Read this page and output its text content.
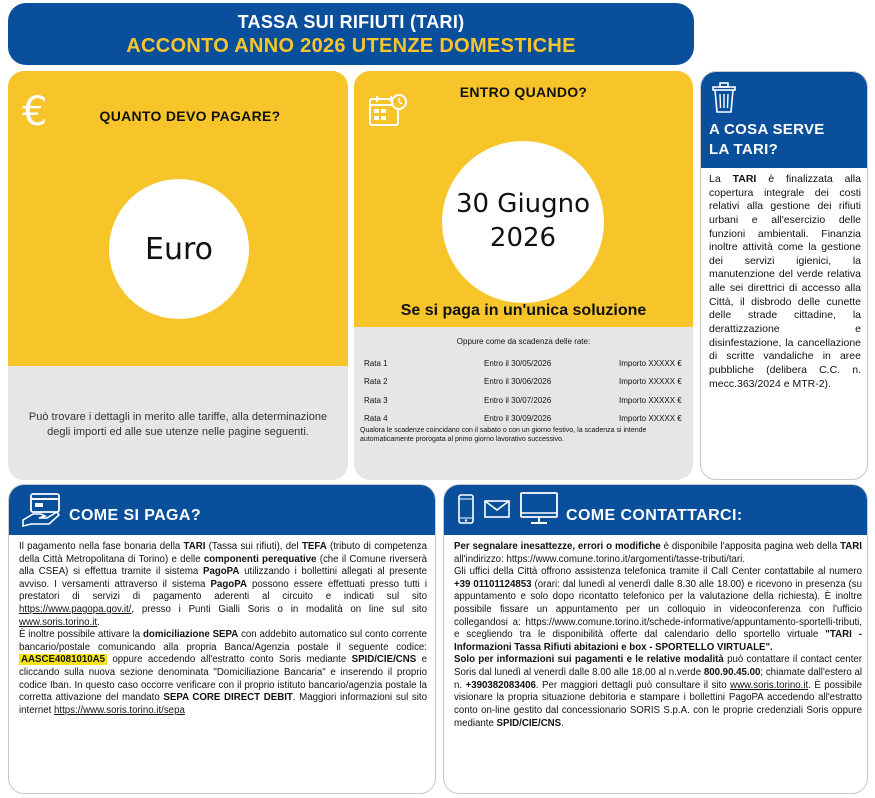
TASSA SUI RIFIUTI (TARI)
ACCONTO ANNO 2026 UTENZE DOMESTICHE
€	QUANTO DEVO PAGARE?
Euro
Può trovare i dettagli in merito alle tariffe, alla determinazione degli importi ed alle sue utenze nelle pagine seguenti.
ENTRO QUANDO?
30 Giugno
2026
Se si paga in un'unica soluzione
Oppure come da scadenza delle rate:
Rata 1	Entro il 30/05/2026	Importo XXXXX €
Rata 2	Entro il 30/06/2026	Importo XXXXX €
Rata 3	Entro il 30/07/2026	Importo XXXXX €
Rata 4	Entro il 30/09/2026	Importo XXXXX €
Qualora le scadenze coincidano con il sabato o con un giorno festivo, la scadenza si intende automaticamente prorogata al primo giorno lavorativo successivo.
A COSA SERVE
LA TARI?
La TARI è finalizzata alla copertura integrale dei costi relativi alla gestione dei rifiuti urbani e all'esercizio delle funzioni ambientali. Finanzia inoltre attività come la gestione dei servizi igienici, la manutenzione del verde relativa alle sei direttrici di accesso alla Città, il disbrodo delle cunette delle strade cittadine, la derattizzazione e disinfestazione, la cancellazione di scritte vandaliche in aree pubbliche (delibera C.C. n. mecc.363/2024 e MTR-2).
COME SI PAGA?

Il pagamento nella fase bonaria della TARI (Tassa sui rifiuti), del TEFA (tributo di competenza della Città Metropolitana di Torino) e delle componenti perequative (che il Comune riverserà alla CSEA) si effettua tramite il sistema PagoPA utilizzando i bollettini allegati al presente avviso. I versamenti attraverso il sistema PagoPA possono essere effettuati presso tutti i prestatori di servizi di pagamento aderenti al circuito e indicati sul sito https://www.pagopa.gov.it/, presso i Punti Gialli Soris o in modalità on line sul sito www.soris.torino.it.

È inoltre possibile attivare la domiciliazione SEPA con addebito automatico sul conto corrente bancario/postale comunicando alla propria Banca/Agenzia postale il seguente codice: AASCE4081010A5 oppure accedendo all'estratto conto Soris mediante SPID/CIE/CNS e cliccando sulla nuova sezione denominata "Domiciliazione Bancaria" e inserendo il proprio codice Iban. In questo caso occorre verificare con il proprio istituto bancario/agenzia postale la corretta attivazione del mandato SEPA CORE DIRECT DEBIT. Maggiori informazioni sul sito internet https://www.soris.torino.it/sepa

COME CONTATTARCI:

Per segnalare inesattezze, errori o modifiche è disponibile l'apposita pagina web della TARI all'indirizzo: https://www.comune.torino.it/argomenti/tasse-tributi/tari.

Gli uffici della Città offrono assistenza telefonica tramite il Call Center contattabile al numero +39 01101124853 (orari: dal lunedì al venerdì dalle 8.30 alle 18.00) e ricevono in presenza (su appuntamento e solo dopo ricontatto telefonico per la valutazione della richiesta). È inoltre possibile fissare un appuntamento per un colloquio in videoconferenza con l'ufficio collegandosi a: https://www.comune.torino.it/schede-informative/appuntamento-sportelli-tributi, e scegliendo tra le disponibilità offerte dal calendario dello sportello virtuale "TARI - Informazioni Tassa Rifiuti abitazioni e box - SPORTELLO VIRTUALE".

Solo per informazioni sui pagamenti e le relative modalità può contattare il contact center Soris dal lunedì al venerdì dalle 8.00 alle 18.00 al n.verde 800.90.45.00; chiamate dall'estero al n. +390382083406. Per maggiori dettagli può consultare il sito www.soris.torino.it. È possibile visionare la propria situazione debitoria e stampare i bollettini PagoPA accedendo all'estratto conto on-line gestito dal concessionario SORIS S.p.A. con le proprie credenziali Soris oppure mediante SPID/CIE/CNS.
